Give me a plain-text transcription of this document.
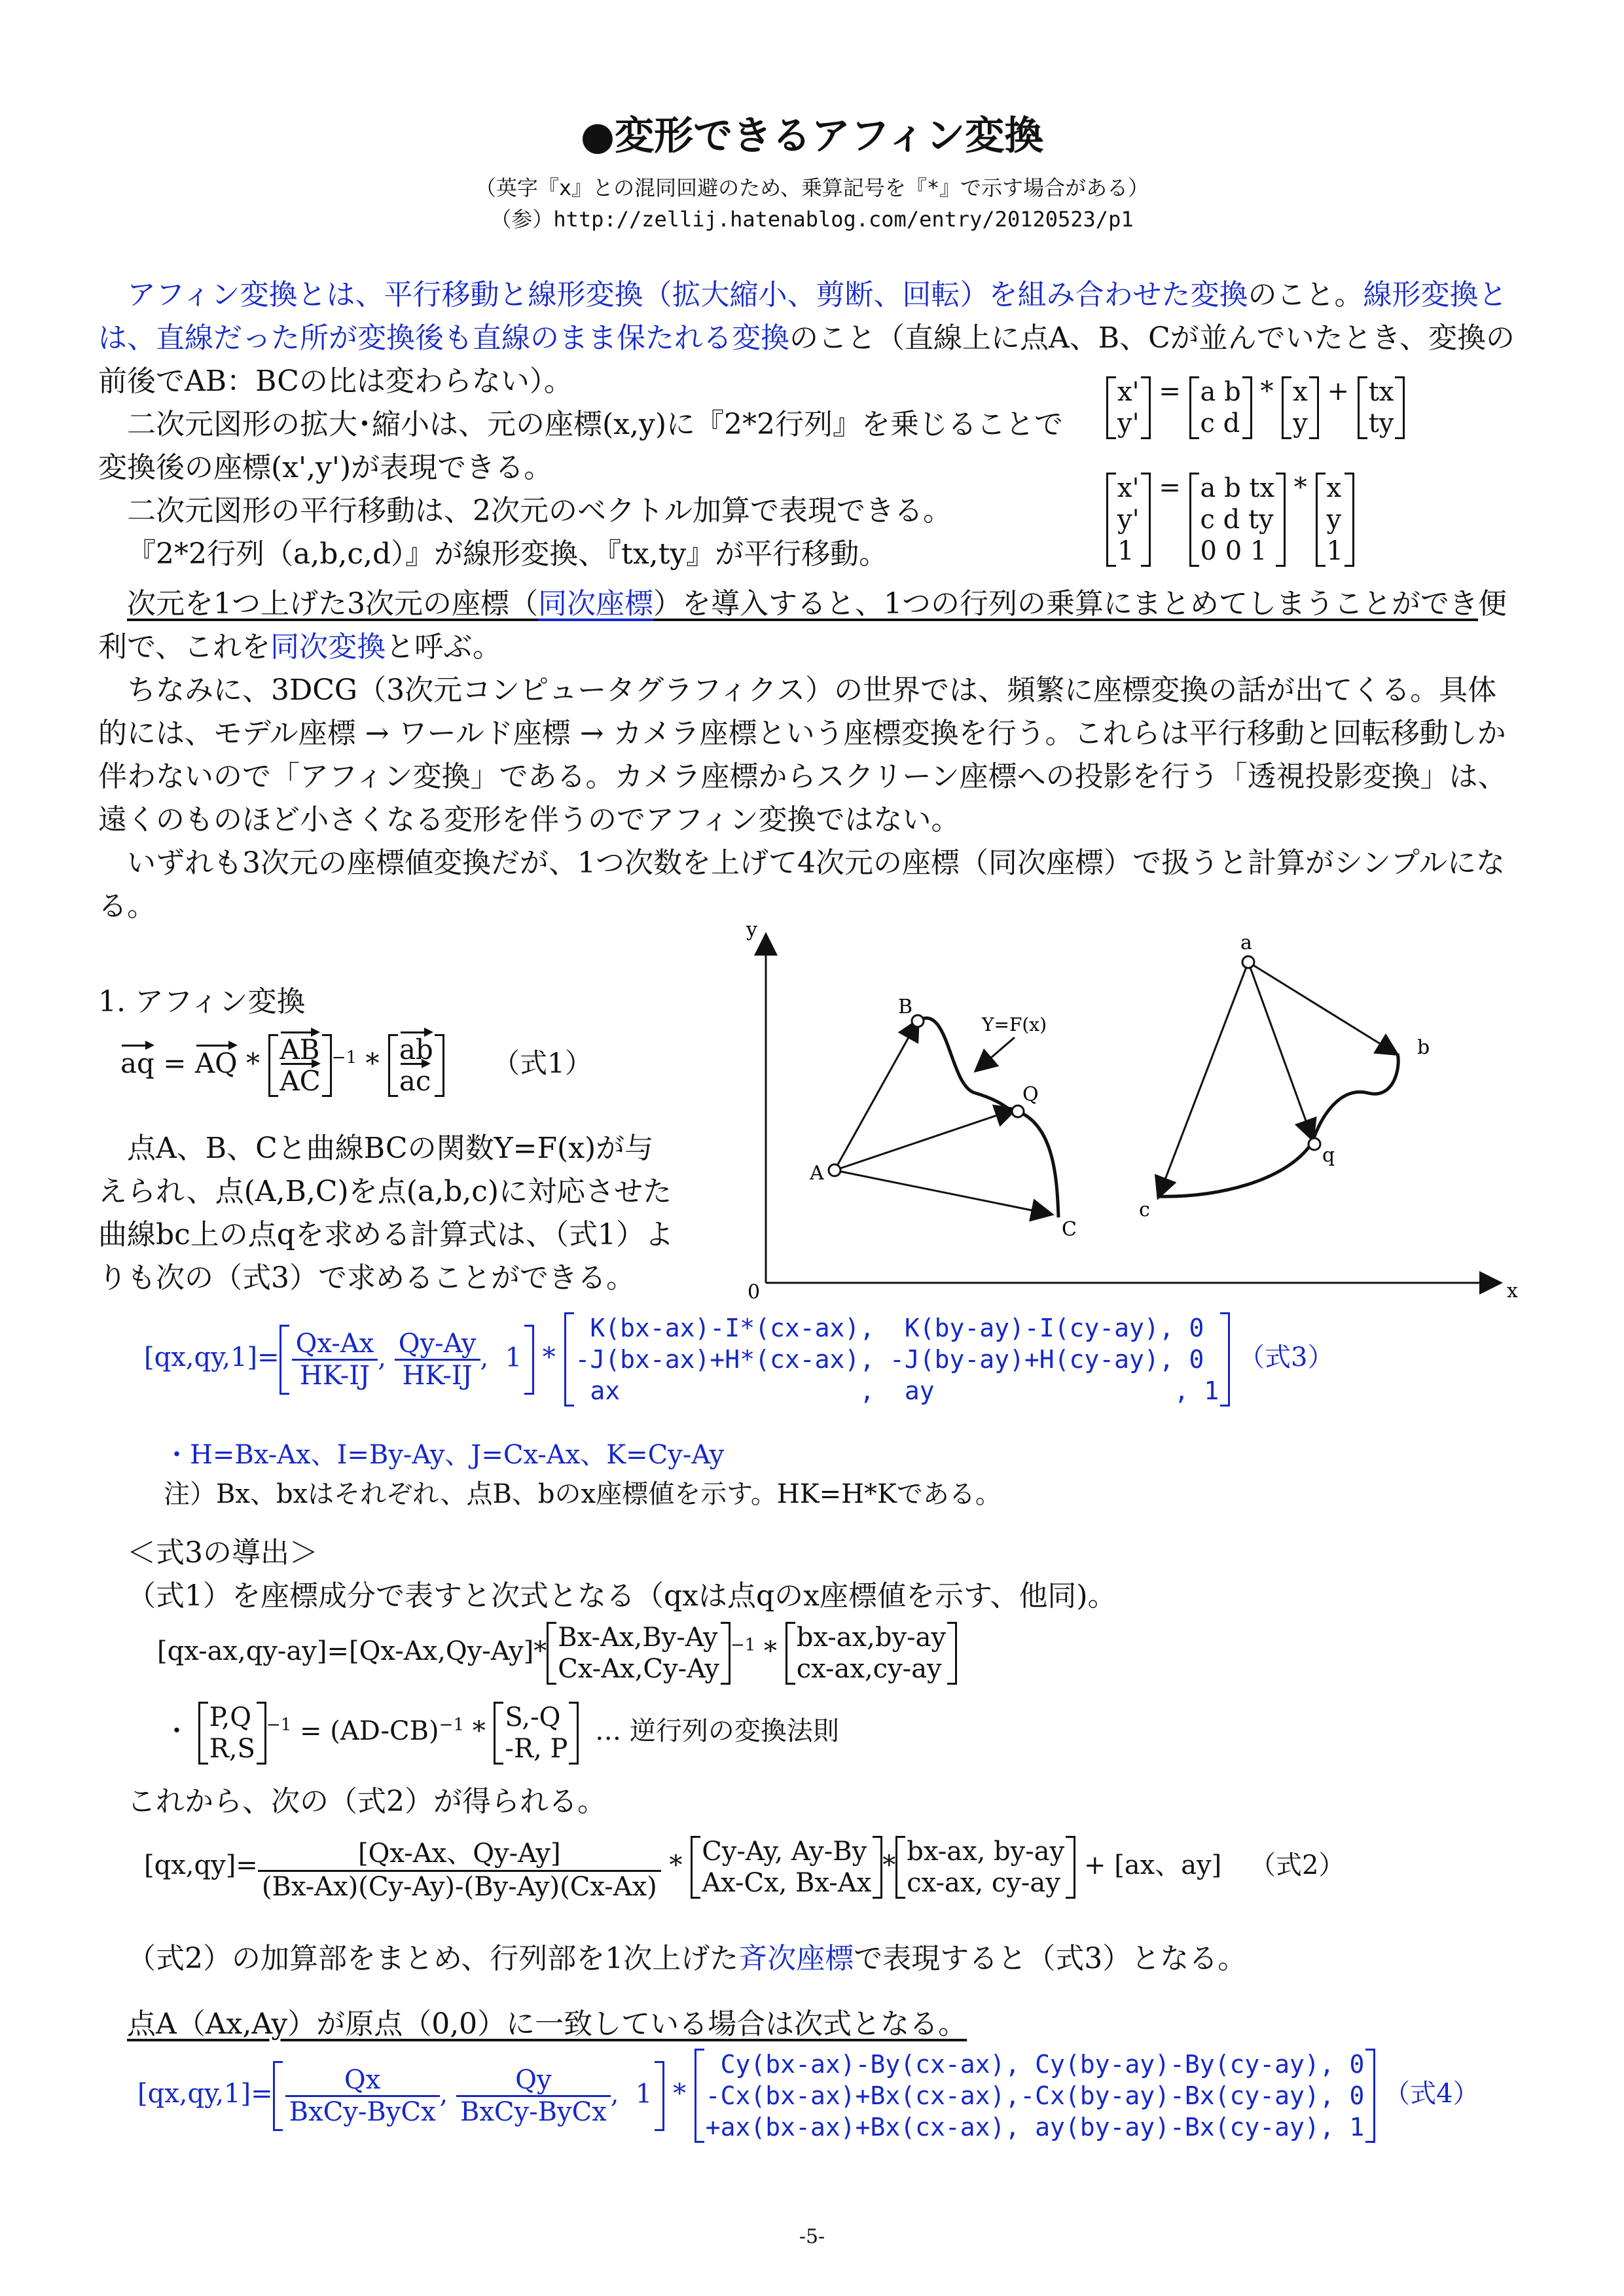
●変形できるアフィン変換
（英字『x』との混同回避のため、乗算記号を『*』で示す場合がある）
（参）http://zellij.hatenablog.com/entry/20120523/p1
アフィン変換とは、平行移動と線形変換（拡大縮小、剪断、回転）を組み合わせた変換のこと。線形変換とは、直線だった所が変換後も直線のまま保たれる変換のこと（直線上に点A、B、Cが並んでいたとき、変換の前後でAB：BCの比は変わらない）。
二次元図形の拡大･縮小は、元の座標(x,y)に『2*2行列』を乗じることで
変換後の座標(x',y')が表現できる。
二次元図形の平行移動は、2次元のベクトル加算で表現できる。
『2*2行列（a,b,c,d）』が線形変換、『tx,ty』が平行移動。
x'
y'
= a b
c d
* x
y
+ tx
ty
x'
y'
1
= a b tx
c d ty
0 0 1
* x
y
1
次元を1つ上げた3次元の座標（同次座標）を導入すると、1つの行列の乗算にまとめてしまうことができ便利で、これを同次変換と呼ぶ。
ちなみに、3DCG（3次元コンピュータグラフィクス）の世界では、頻繁に座標変換の話が出てくる。具体的には、モデル座標 → ワールド座標 → カメラ座標という座標変換を行う。これらは平行移動と回転移動しか伴わないので「アフィン変換」である。カメラ座標からスクリーン座標への投影を行う「透視投影変換」は、遠くのものほど小さくなる変形を伴うのでアフィン変換ではない。
いずれも3次元の座標値変換だが、1つ次数を上げて4次元の座標（同次座標）で扱うと計算がシンプルになる。
1. アフィン変換
aq = AQ * AB
AC
$^{-1}$ * ab
ac
（式1）
点A、B、Cと曲線BCの関数Y=F(x)が与えられ、点(A,B,C)を点(a,b,c)に対応させた曲線bc上の点qを求める計算式は、（式1）よりも次の（式3）で求めることができる。
y
x
0
Y=F(x)
A
B
C
Q
a
b
c
q
$[qx,qy,1]= \frac{Qx-Ax}{HK-IJ}$ , $\frac{Qy-Ay}{HK-IJ}$ ,  1 *
K(bx-ax)-I*(cx-ax),  K(by-ay)-I(cy-ay), 0
-J(bx-ax)+H*(cx-ax), -J(by-ay)+H(cy-ay), 0
ax                ,  ay                , 1
（式3）
・H=Bx-Ax、I=By-Ay、J=Cx-Ax、K=Cy-Ay
注）Bx、bxはそれぞれ、点B、bのx座標値を示す。HK=H*Kである。
＜式3の導出＞
（式1）を座標成分で表すと次式となる（qxは点qのx座標値を示す、他同)。
[qx-ax,qy-ay]=[Qx-Ax,Qy-Ay]* Bx-Ax,By-Ay
Cx-Ax,Cy-Ay
$^{-1}$ * bx-ax,by-ay
cx-ax,cy-ay
・ P,Q
R,S
$^{-1} = (AD-CB)^{-1} * S,-Q$
-R, P
… 逆行列の変換法則
これから、次の（式2）が得られる。
$[qx,qy]= \frac{[Qx-Ax、Qy-Ay]}{(Bx-Ax)(Cy-Ay)-(By-Ay)(Cx-Ax)} * Cy-Ay$, Ay-By
Ax-Cx, Bx-Ax
* bx-ax, by-ay
cx-ax, cy-ay
+ [ax、ay] （式2）
（式2）の加算部をまとめ、行列部を1次上げた斉次座標で表現すると（式3）となる。
点A（Ax,Ay）が原点（0,0）に一致している場合は次式となる。
$[qx,qy,1]= \frac{Qx}{\text{BxCy-ByCx}}$ , $\frac{Qy}{\text{BxCy-ByCx}}$ ,  1 *
Cy(bx-ax)-By(cx-ax), Cy(by-ay)-By(cy-ay), 0
-Cx(bx-ax)+Bx(cx-ax),-Cx(by-ay)-Bx(cy-ay), 0
+ax(bx-ax)+Bx(cx-ax), ay(by-ay)-Bx(cy-ay), 1
（式4）
-5-
